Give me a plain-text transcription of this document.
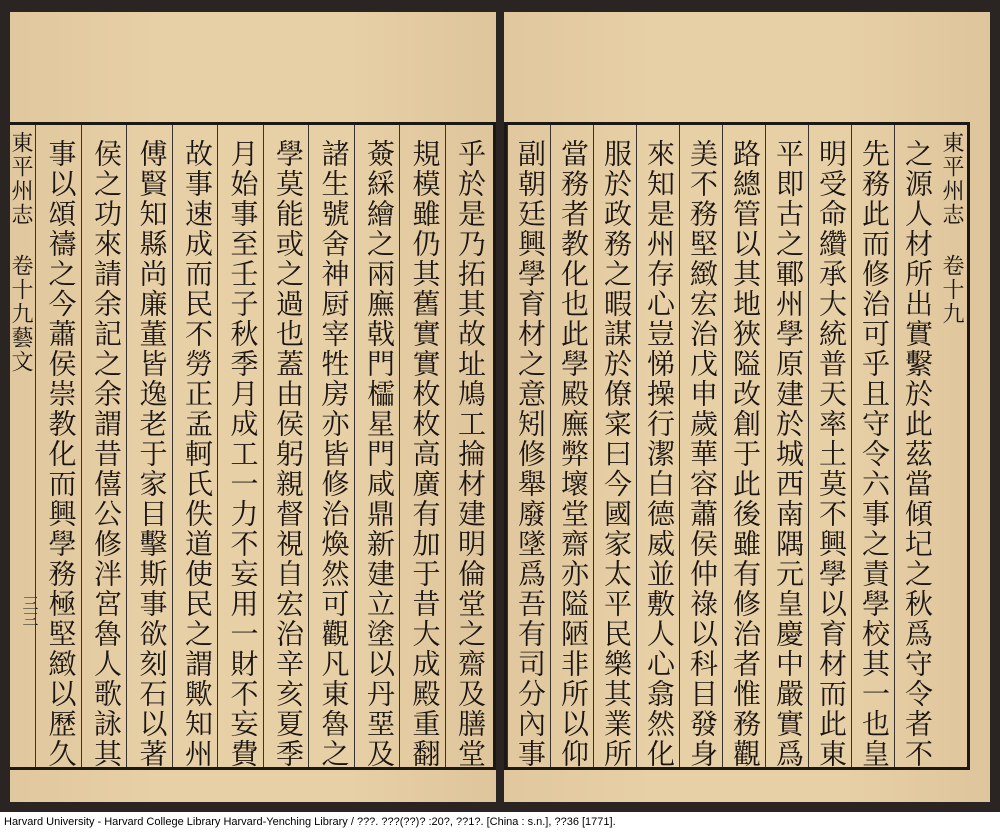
東平州志 卷十九藝文
三三	乎於是乃拓其故址鳩工掄材建明倫堂之齋及膳堂
規模雖仍其舊實實枚枚高廣有加于昔大成殿重翻
薟綵繪之兩廡戟門櫺星門咸鼎新建立塗以丹堊及
諸生號舍神厨宰牲房亦皆修治煥然可觀凡東魯之
學莫能或之過也蓋由侯躬親督視自宏治辛亥夏季
月始事至壬子秋季月成工一力不妄用一財不妄費
故事速成而民不勞正孟軻氏佚道使民之謂歟知州
傅賢知縣尚廉董皆逸老于家目擊斯事欲刻石以著
侯之功來請余記之余謂昔僖公修泮宮魯人歌詠其
事以頌禱之今蕭侯崇教化而興學務極堅緻以歷久	東平州志 卷十九
之源人材所出實繫於此茲當傾圮之秋爲守令者不
先務此而修治可乎且守令六事之責學校其一也皇
明受命纘承大統普天率土莫不興學以育材而此東
平即古之鄆州學原建於城西南隅元皇慶中嚴實爲
路總管以其地狹隘改創于此後雖有修治者惟務觀
美不務堅緻宏治戊申歲華容蕭侯仲祿以科目發身
來知是州存心豈悌操行潔白德威並敷人心翕然化
服於政務之暇謀於僚寀曰今國家太平民樂其業所
當務者教化也此學殿廡弊壞堂齋亦隘陋非所以仰
副朝廷興學育材之意矧修舉廢墜爲吾有司分內事
Harvard University - Harvard College Library Harvard-Yenching Library / ???. ???(??)? :20?, ??1?. [China : s.n.], ??36 [1771].
